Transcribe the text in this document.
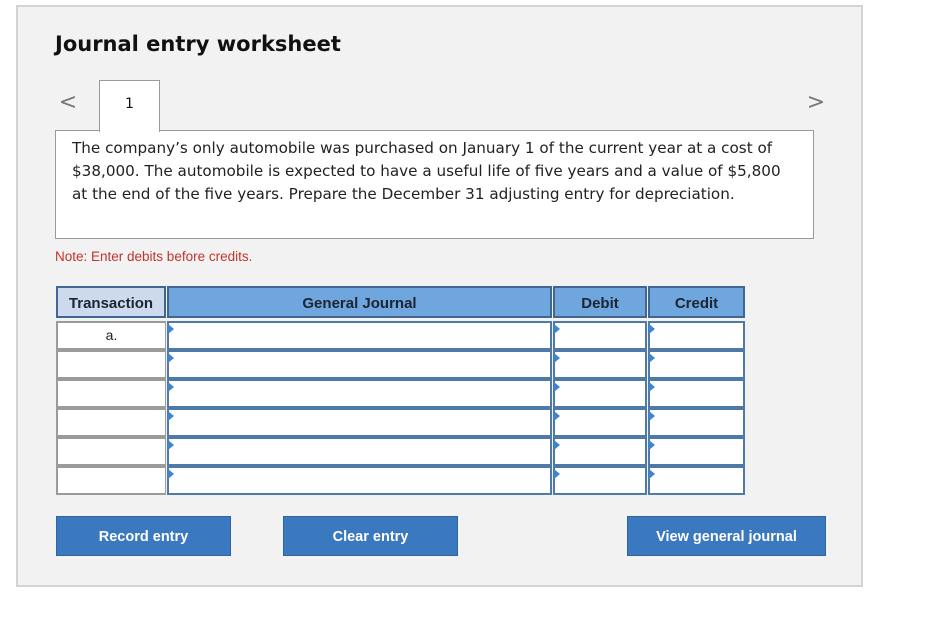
Journal entry worksheet
<	1	>

The company’s only automobile was purchased on January 1 of the current year at a cost of $38,000. The automobile is expected to have a useful life of five years and a value of $5,800 at the end of the five years. Prepare the December 31 adjusting entry for depreciation.

Note: Enter debits before credits.
Transaction	General Journal	Debit	Credit
a.
Record entry	Clear entry	View general journal
